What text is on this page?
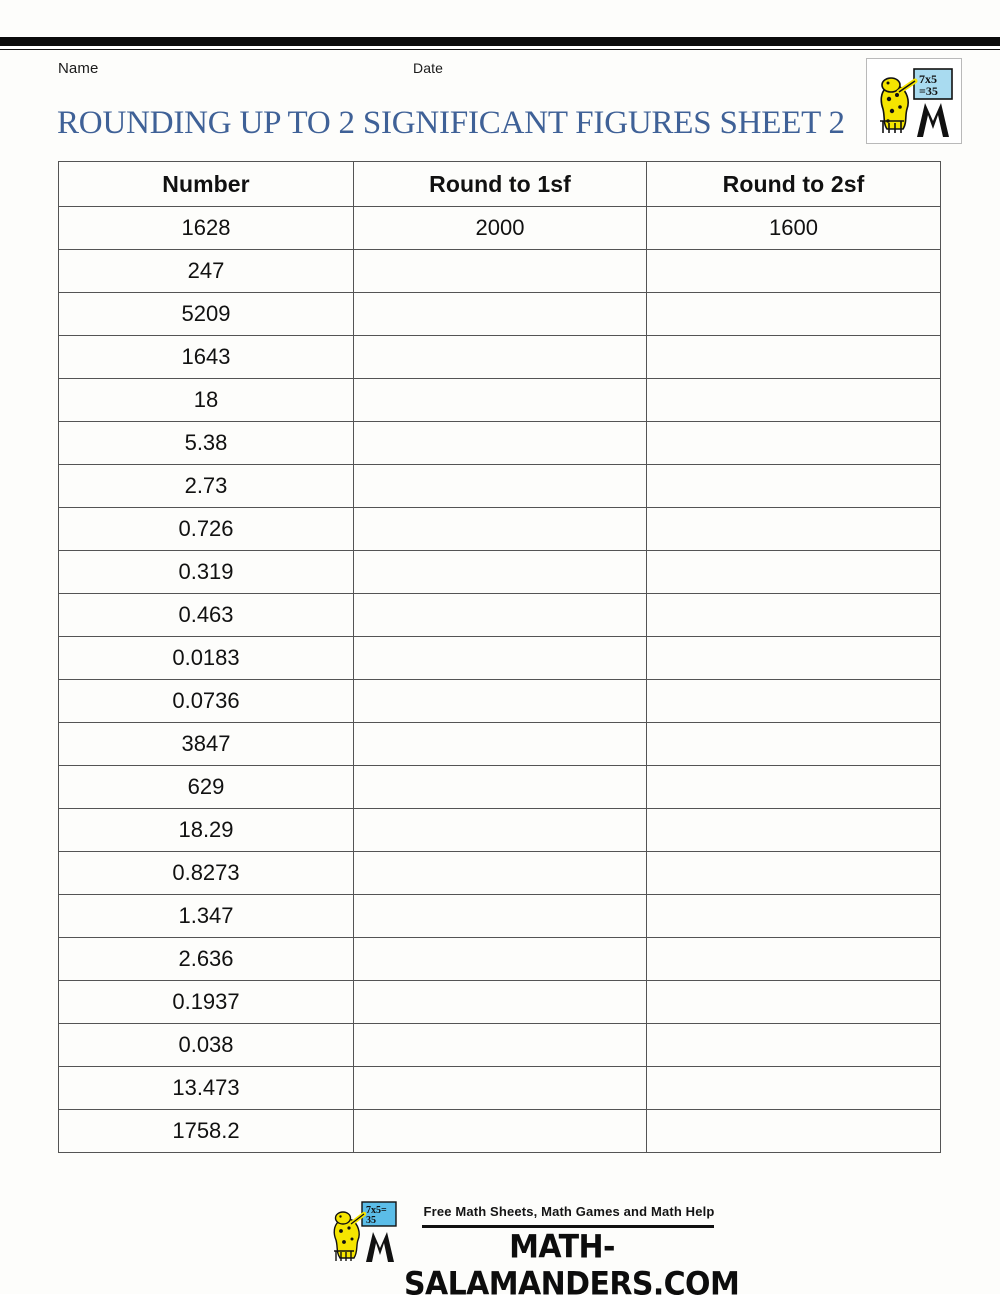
Name	Date
ROUNDING UP TO 2 SIGNIFICANT FIGURES SHEET 2
7x5
=35
Number	Round to 1sf	Round to 2sf
1628	2000	1600
247		
5209		
1643		
18		
5.38		
2.73		
0.726		
0.319		
0.463		
0.0183		
0.0736		
3847		
629		
18.29		
0.8273		
1.347		
2.636		
0.1937		
0.038		
13.473		
1758.2		
7x5=
35
Free Math Sheets, Math Games and Math Help
MATH-SALAMANDERS.COM
